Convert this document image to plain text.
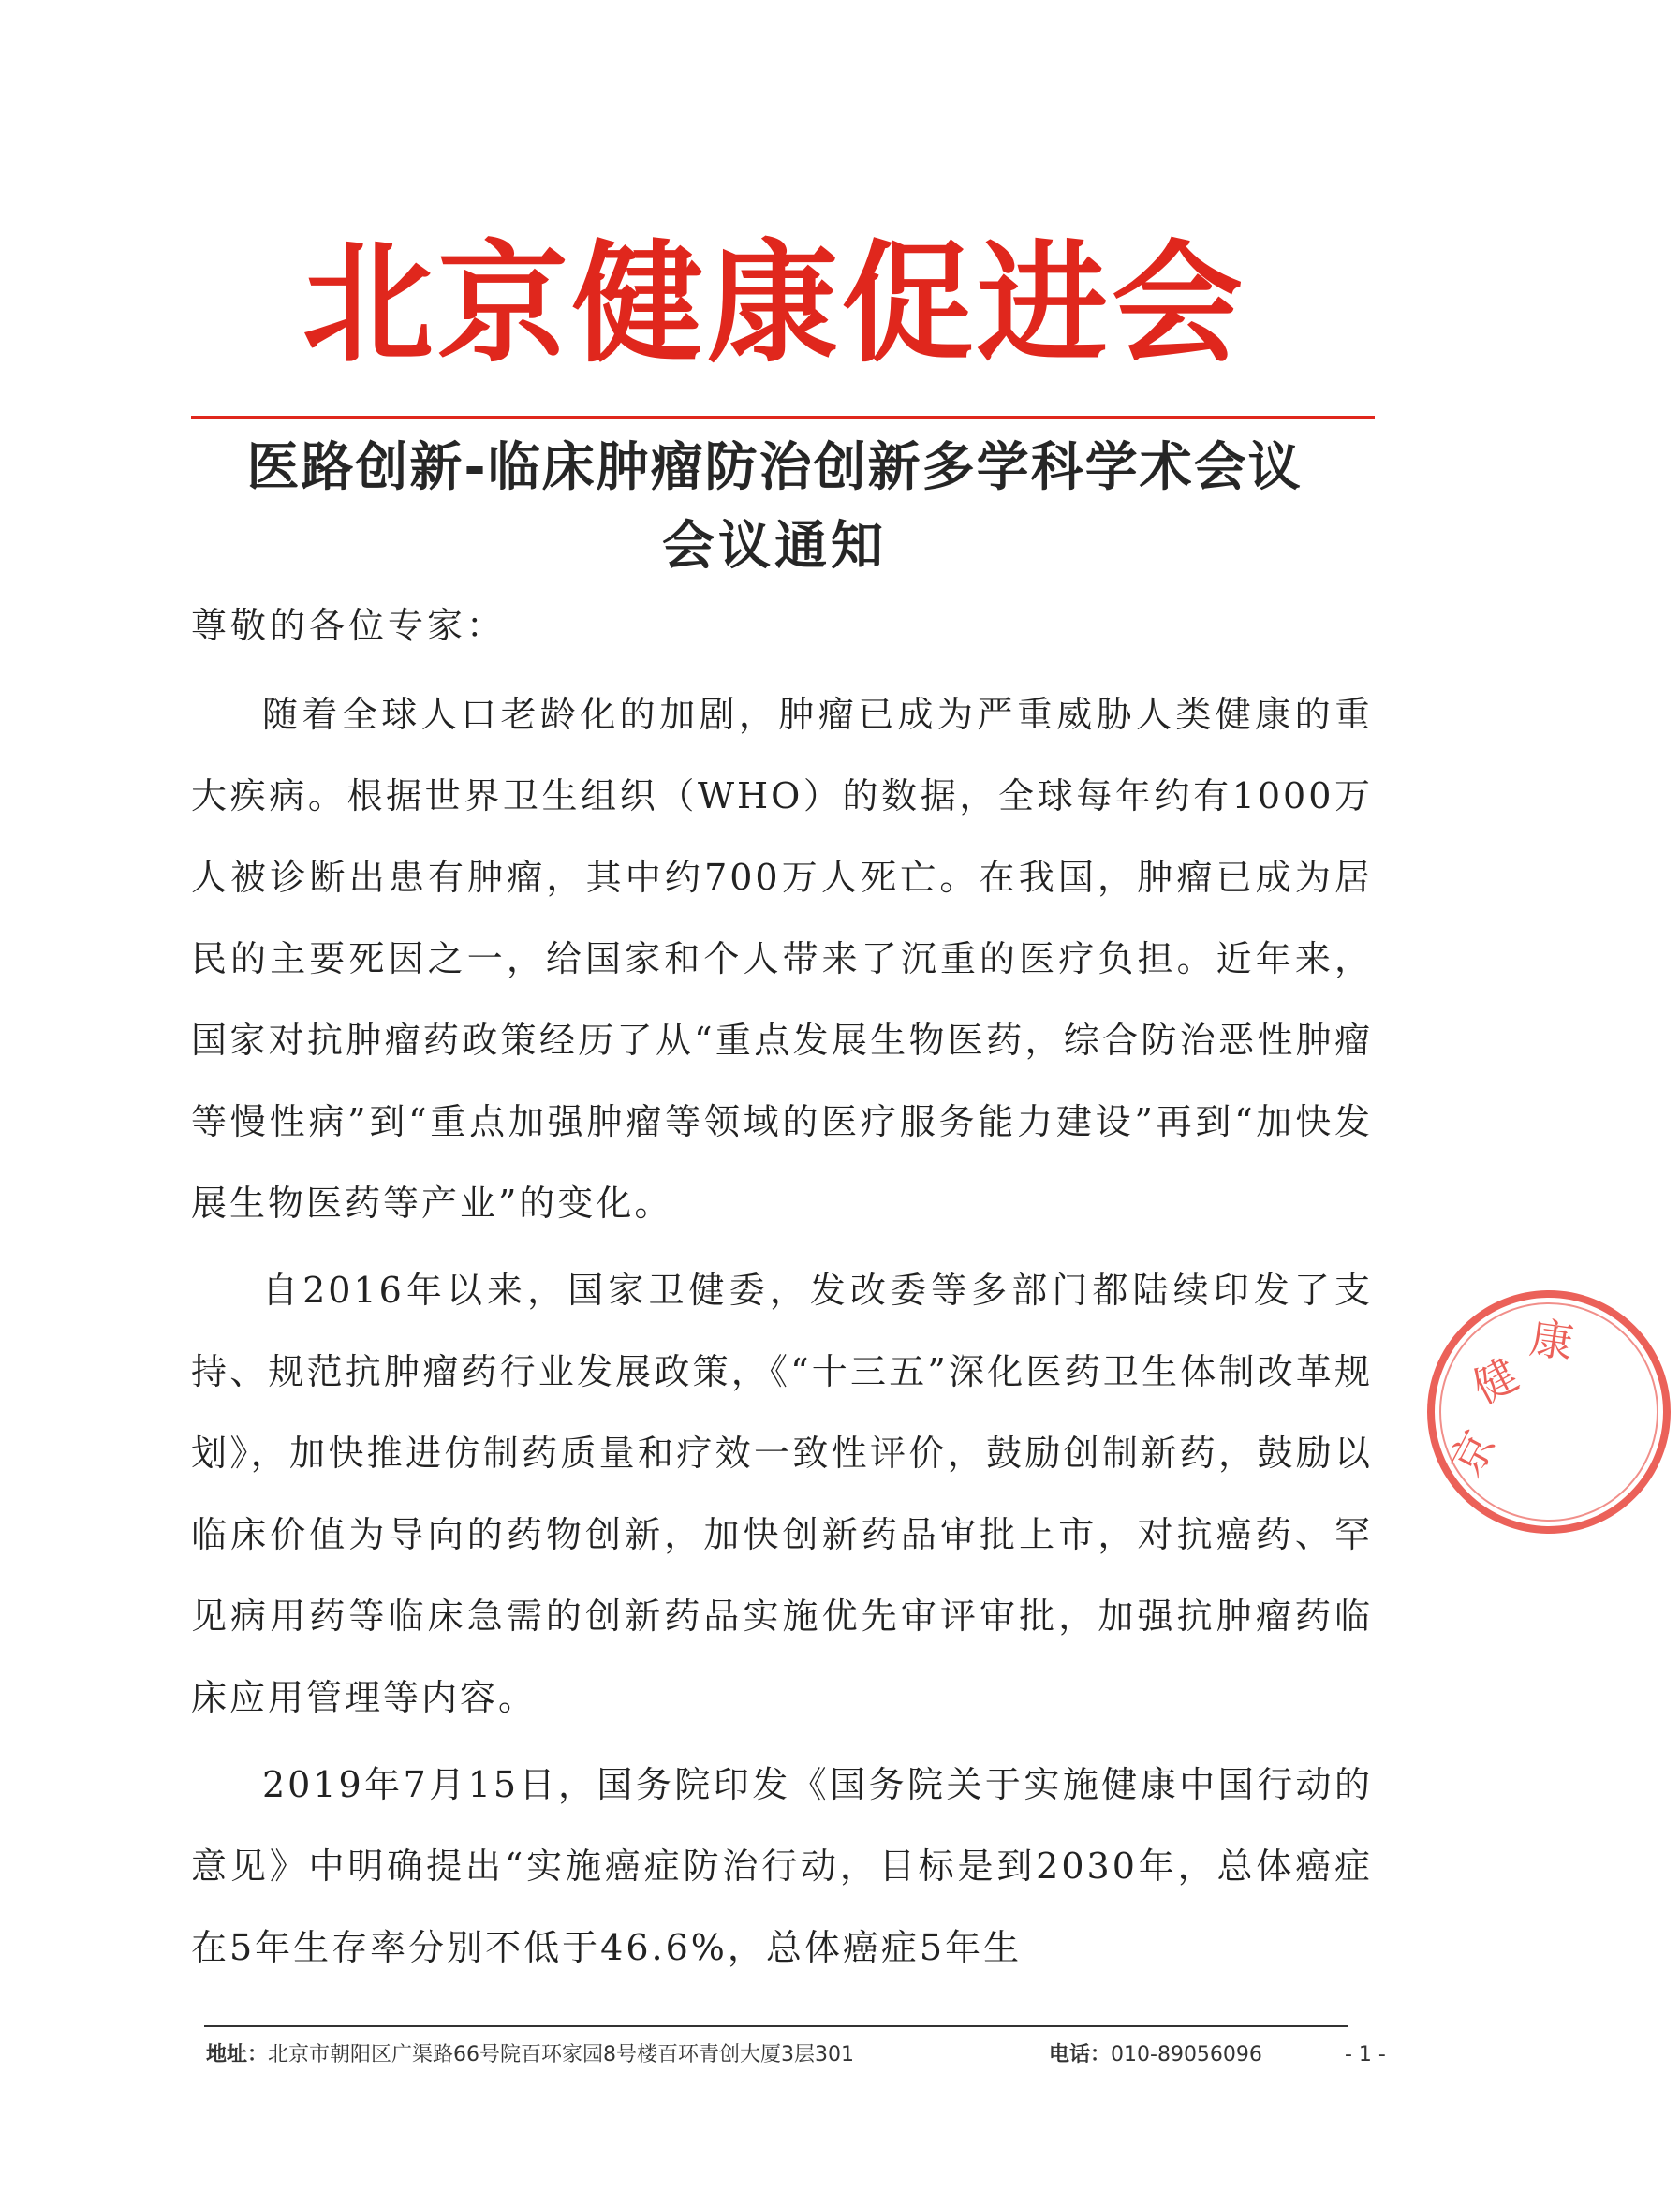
北京健康促进会
医路创新-临床肿瘤防治创新多学科学术会议
会议通知
尊敬的各位专家：

随着全球人口老龄化的加剧，肿瘤已成为严重威胁人类健康的重大疾病。根据世界卫生组织（WHO）的数据，全球每年约有1000万人被诊断出患有肿瘤，其中约700万人死亡。在我国，肿瘤已成为居民的主要死因之一，给国家和个人带来了沉重的医疗负担。近年来，国家对抗肿瘤药政策经历了从“重点发展生物医药，综合防治恶性肿瘤等慢性病”到“重点加强肿瘤等领域的医疗服务能力建设”再到“加快发展生物医药等产业”的变化。

自2016年以来，国家卫健委，发改委等多部门都陆续印发了支持、规范抗肿瘤药行业发展政策，《“十三五”深化医药卫生体制改革规划》，加快推进仿制药质量和疗效一致性评价，鼓励创制新药，鼓励以临床价值为导向的药物创新，加快创新药品审批上市，对抗癌药、罕见病用药等临床急需的创新药品实施优先审评审批，加强抗肿瘤药临床应用管理等内容。

2019年7月15日，国务院印发《国务院关于实施健康中国行动的意见》中明确提出“实施癌症防治行动，目标是到2030年，总体癌症在5年生存率分别不低于46.6%，总体癌症5年生

京
健
康
地址：北京市朝阳区广渠路66号院百环家园8号楼百环青创大厦3层301	电话：010-89056096	- 1 -
